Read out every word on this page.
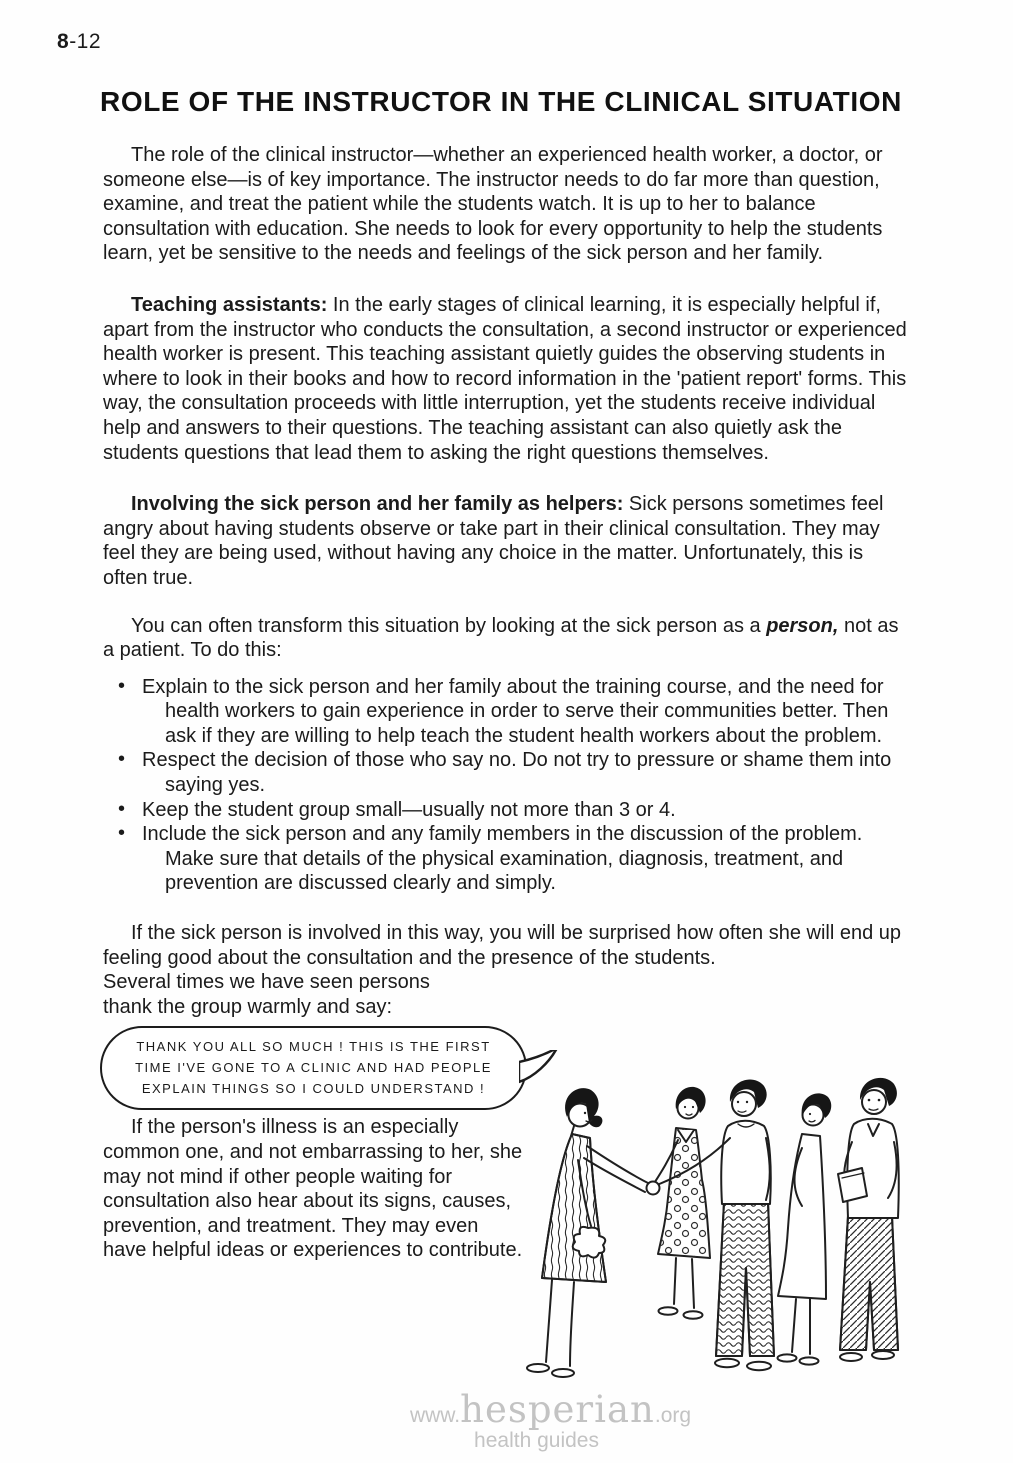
8-12
ROLE OF THE INSTRUCTOR IN THE CLINICAL SITUATION

The role of the clinical instructor—whether an experienced health worker, a doctor, or someone else—is of key importance. The instructor needs to do far more than question, examine, and treat the patient while the students watch. It is up to her to balance consultation with education. She needs to look for every opportunity to help the students learn, yet be sensitive to the needs and feelings of the sick person and her family.

Teaching assistants: In the early stages of clinical learning, it is especially helpful if, apart from the instructor who conducts the consultation, a second instructor or experienced health worker is present. This teaching assistant quietly guides the observing students in where to look in their books and how to record information in the 'patient report' forms. This way, the consultation proceeds with little interruption, yet the students receive individual help and answers to their questions. The teaching assistant can also quietly ask the students questions that lead them to asking the right questions themselves.

Involving the sick person and her family as helpers: Sick persons sometimes feel angry about having students observe or take part in their clinical consultation. They may feel they are being used, without having any choice in the matter. Unfortunately, this is often true.

You can often transform this situation by looking at the sick person as a person, not as a patient. To do this:

• Explain to the sick person and her family about the training course, and the need for health workers to gain experience in order to serve their communities better. Then ask if they are willing to help teach the student health workers about the problem.
• Respect the decision of those who say no. Do not try to pressure or shame them into saying yes.
• Keep the student group small—usually not more than 3 or 4.
• Include the sick person and any family members in the discussion of the problem. Make sure that details of the physical examination, diagnosis, treatment, and prevention are discussed clearly and simply.

If the sick person is involved in this way, you will be surprised how often she will end up feeling good about the consultation and the presence of the students.

Several times we have seen persons
thank the group warmly and say:

THANK YOU ALL SO MUCH ! THIS IS THE FIRST
TIME I'VE GONE TO A CLINIC AND HAD PEOPLE
EXPLAIN THINGS SO I COULD UNDERSTAND !

If the person's illness is an especially common one, and not embarrassing to her, she may not mind if other people waiting for consultation also hear about its signs, causes, prevention, and treatment. They may even have helpful ideas or experiences to contribute.

www.hesperian.org
health guides
